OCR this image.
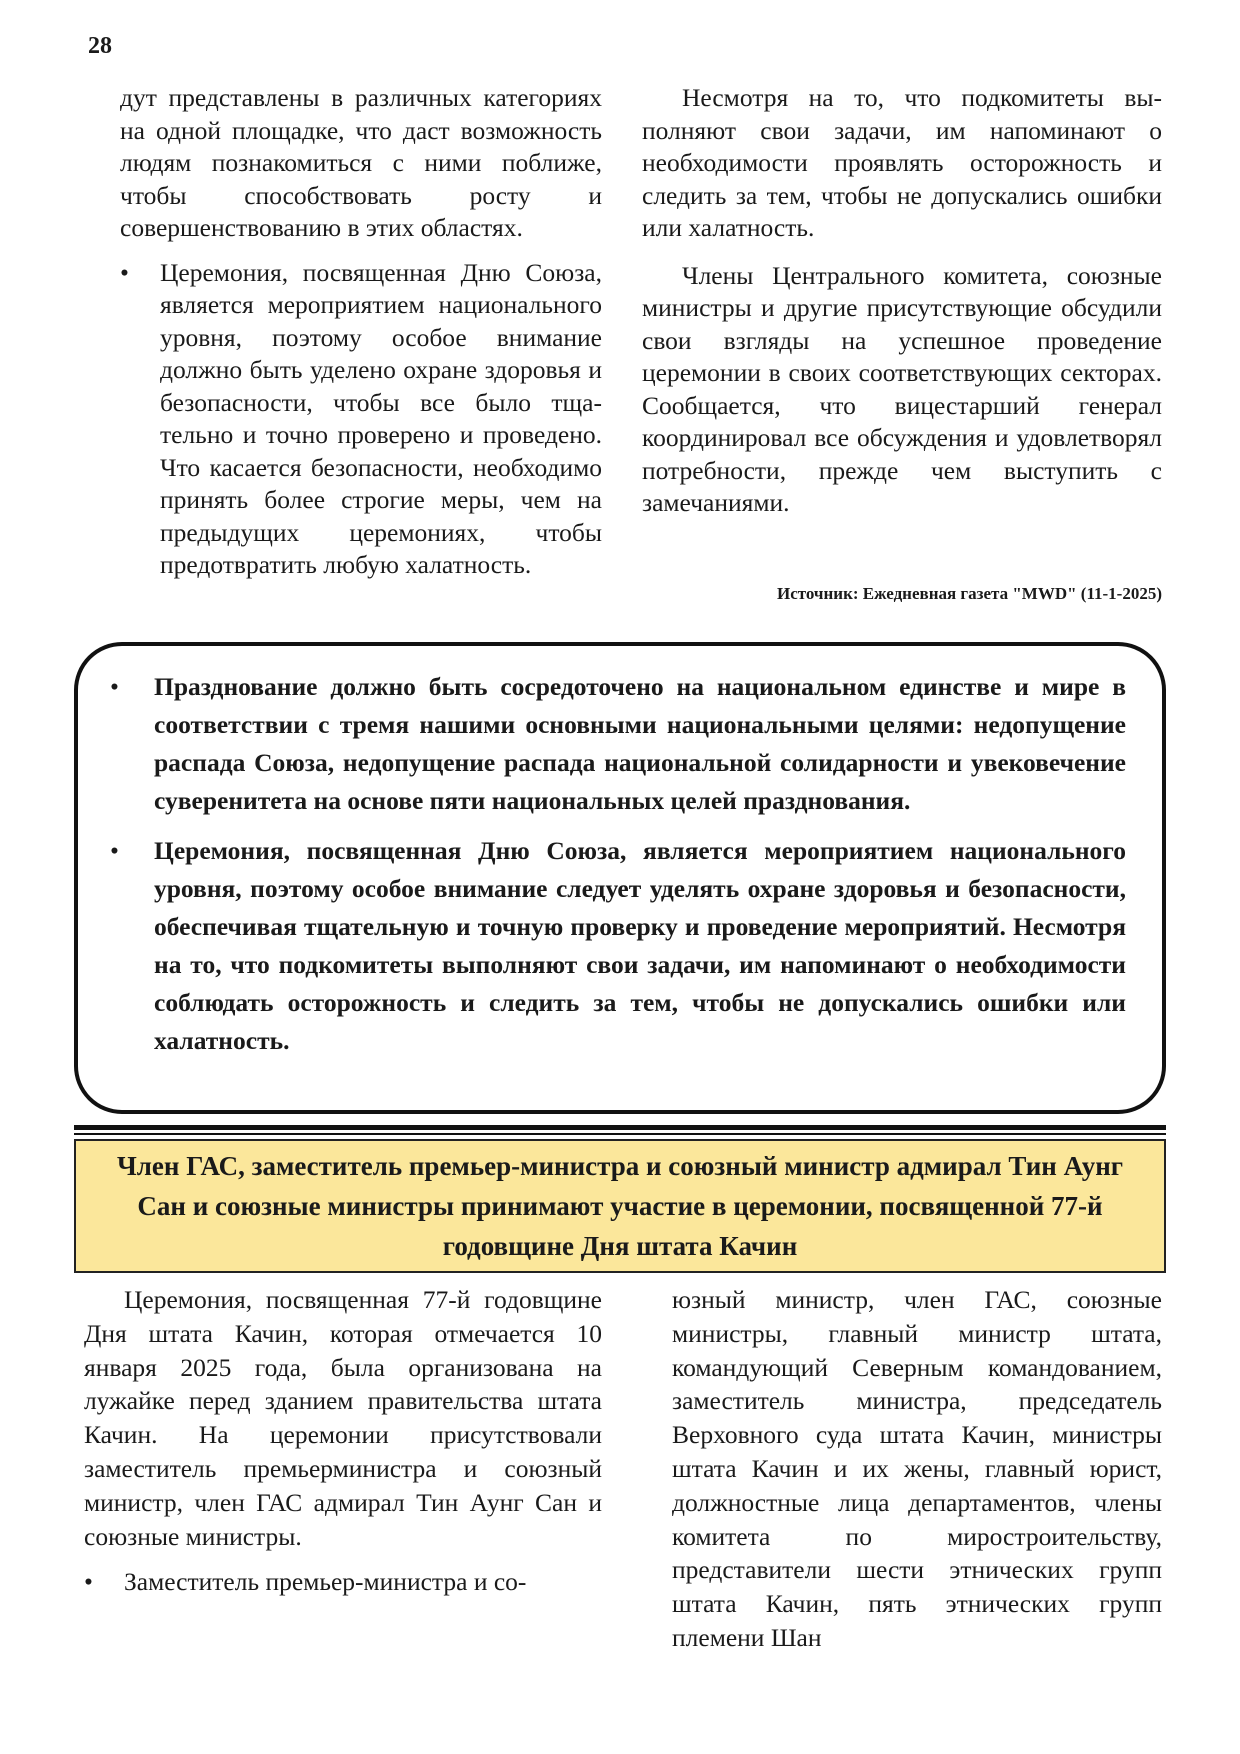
28

дут представлены в различных категориях на одной площадке, что даст возможность людям познакомиться с ними поближе, чтобы способствовать росту и совершенствованию в этих областях.

• Церемония, посвященная Дню Союза, является мероприятием национального уровня, поэтому особое внимание должно быть уделено охране здоровья и безопасности, чтобы все было тщательно и точно проверено и проведено. Что касается безопасности, необходимо принять более строгие меры, чем на предыдущих церемониях, чтобы предотвратить любую халатность.

Несмотря на то, что подкомитеты выполняют свои задачи, им напоминают о необходимости проявлять осторожность и следить за тем, чтобы не допускались ошибки или халатность.

Члены Центрального комитета, союзные министры и другие присутствующие обсудили свои взгляды на успешное проведение церемонии в своих соответствующих секторах. Сообщается, что вицестарший генерал координировал все обсуждения и удовлетворял потребности, прежде чем выступить с замечаниями.

Источник: Ежедневная газета "MWD" (11-1-2025)
• Празднование должно быть сосредоточено на национальном единстве и мире в соответствии с тремя нашими основными национальными целями: недопущение распада Союза, недопущение распада национальной солидарности и увековечение суверенитета на основе пяти национальных целей празднования.
• Церемония, посвященная Дню Союза, является мероприятием национального уровня, поэтому особое внимание следует уделять охране здоровья и безопасности, обеспечивая тщательную и точную проверку и проведение мероприятий. Несмотря на то, что подкомитеты выполняют свои задачи, им напоминают о необходимости соблюдать осторожность и следить за тем, чтобы не допускались ошибки или халатность.
Член ГАС, заместитель премьер-министра и союзный министр адмирал Тин Аунг Сан и союзные министры принимают участие в церемонии, посвященной 77-й годовщине Дня штата Качин

Церемония, посвященная 77-й годовщине Дня штата Качин, которая отмечается 10 января 2025 года, была организована на лужайке перед зданием правительства штата Качин. На церемонии присутствовали заместитель премьерминистра и союзный министр, член ГАС адмирал Тин Аунг Сан и союзные министры.

• Заместитель премьер-министра и со-

юзный министр, член ГАС, союзные министры, главный министр штата, командующий Северным командованием, заместитель министра, председатель Верховного суда штата Качин, министры штата Качин и их жены, главный юрист, должностные лица департаментов, члены комитета по миростроительству, представители шести этнических групп штата Качин, пять этнических групп племени Шан
